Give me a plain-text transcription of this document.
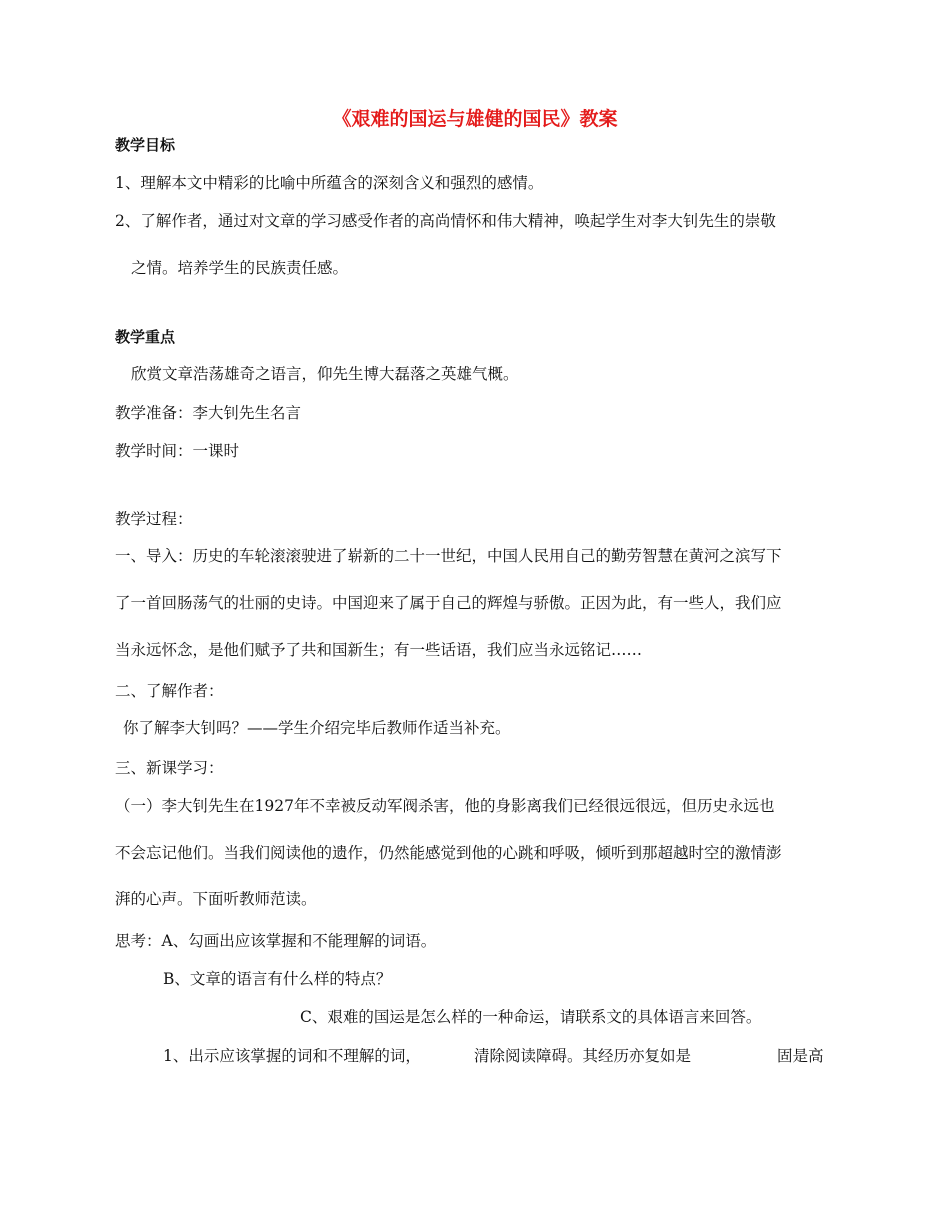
《艰难的国运与雄健的国民》教案
教学目标
1、理解本文中精彩的比喻中所蕴含的深刻含义和强烈的感情。
2、了解作者，通过对文章的学习感受作者的高尚情怀和伟大精神，唤起学生对李大钊先生的崇敬
之情。培养学生的民族责任感。
教学重点
欣赏文章浩荡雄奇之语言，仰先生博大磊落之英雄气概。
教学准备：李大钊先生名言
教学时间：一课时
教学过程：
一、导入：历史的车轮滚滚驶进了崭新的二十一世纪，中国人民用自己的勤劳智慧在黄河之滨写下
了一首回肠荡气的壮丽的史诗。中国迎来了属于自己的辉煌与骄傲。正因为此，有一些人，我们应
当永远怀念，是他们赋予了共和国新生；有一些话语，我们应当永远铭记……
二、了解作者：
你了解李大钊吗？——学生介绍完毕后教师作适当补充。
三、新课学习：
（一）李大钊先生在1927年不幸被反动军阀杀害，他的身影离我们已经很远很远，但历史永远也
不会忘记他们。当我们阅读他的遗作，仍然能感觉到他的心跳和呼吸，倾听到那超越时空的激情澎
湃的心声。下面听教师范读。
思考：A、勾画出应该掌握和不能理解的词语。
B、文章的语言有什么样的特点？
C、艰难的国运是怎么样的一种命运，请联系文的具体语言来回答。
1、出示应该掌握的词和不理解的词，	清除阅读障碍。其经历亦复如是	固是高
